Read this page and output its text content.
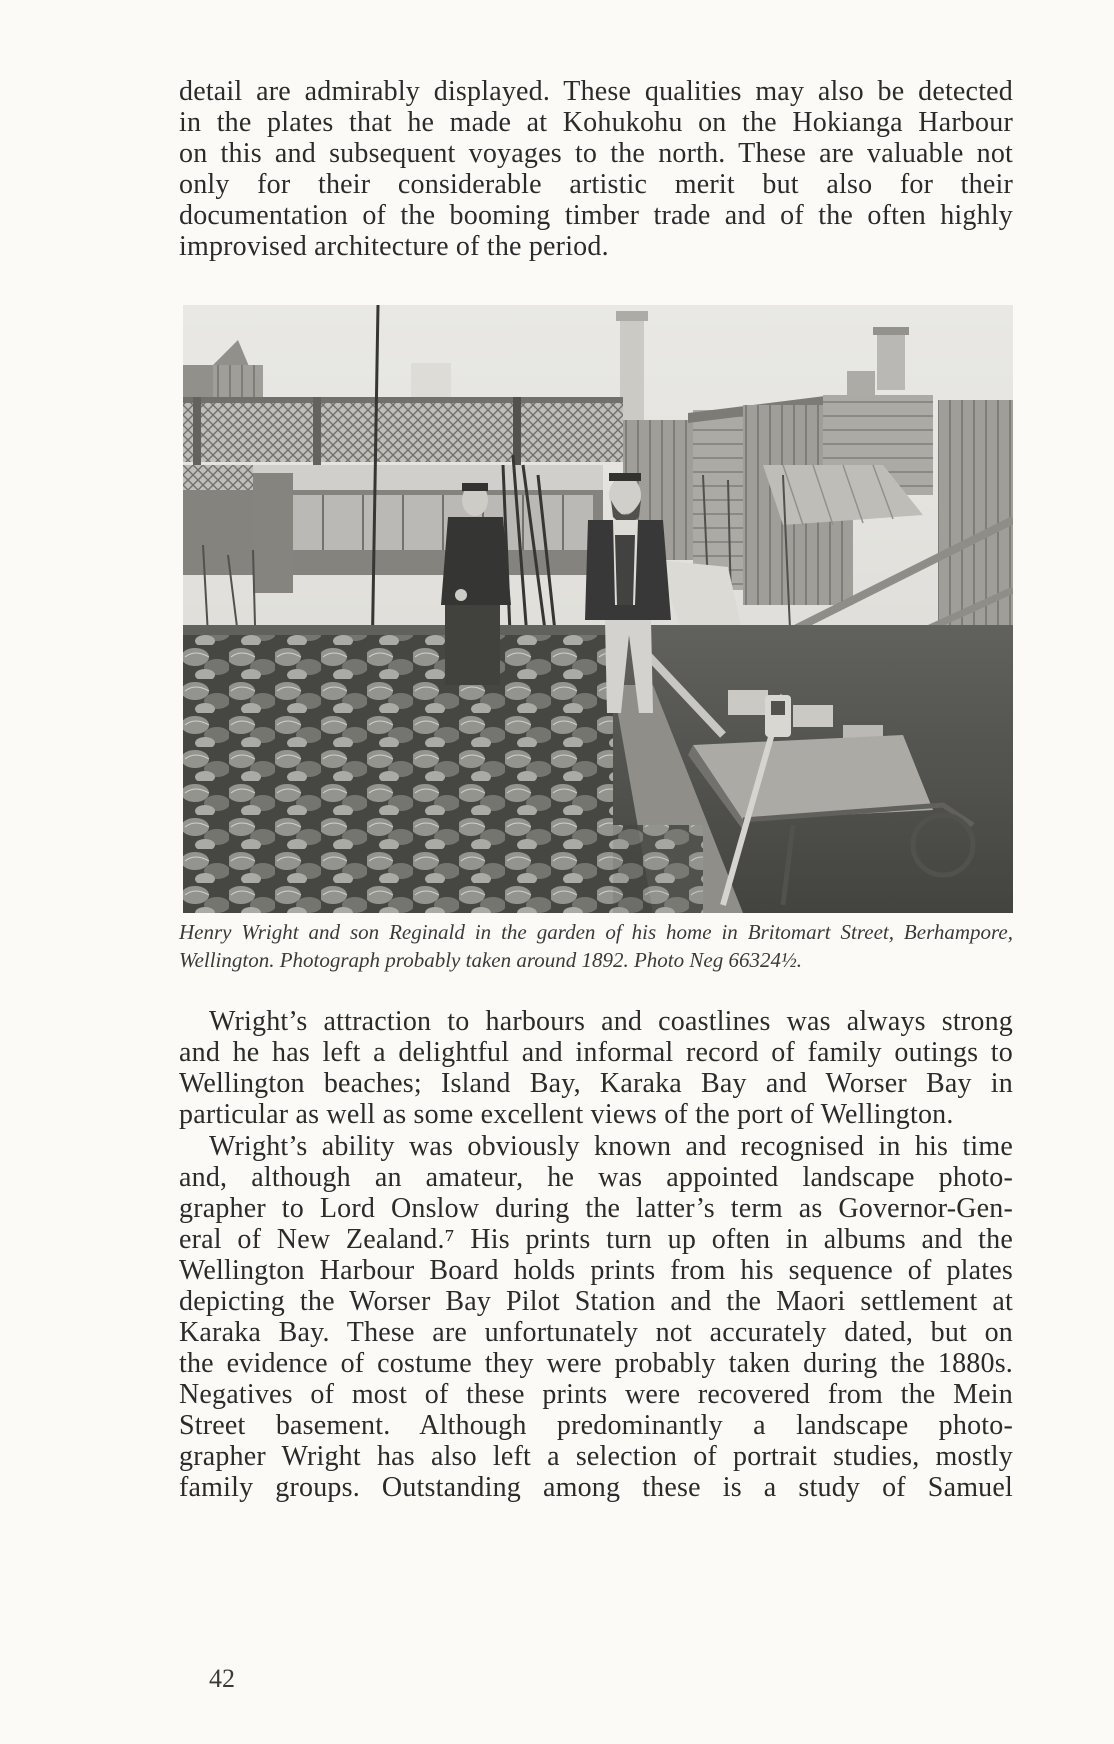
detail are admirably displayed. These qualities may also be detected
in the plates that he made at Kohukohu on the Hokianga Harbour
on this and subsequent voyages to the north. These are valuable not
only for their considerable artistic merit but also for their
documentation of the booming timber trade and of the often highly
improvised architecture of the period.
Henry Wright and son Reginald in the garden of his home in Britomart Street, Berhampore,
Wellington. Photograph probably taken around 1892. Photo Neg 66324½.
Wright’s attraction to harbours and coastlines was always strong
and he has left a delightful and informal record of family outings to
Wellington beaches; Island Bay, Karaka Bay and Worser Bay in
particular as well as some excellent views of the port of Wellington.
Wright’s ability was obviously known and recognised in his time
and, although an amateur, he was appointed landscape photo-
grapher to Lord Onslow during the latter’s term as Governor-Gen-
eral of New Zealand.⁷ His prints turn up often in albums and the
Wellington Harbour Board holds prints from his sequence of plates
depicting the Worser Bay Pilot Station and the Maori settlement at
Karaka Bay. These are unfortunately not accurately dated, but on
the evidence of costume they were probably taken during the 1880s.
Negatives of most of these prints were recovered from the Mein
Street basement. Although predominantly a landscape photo-
grapher Wright has also left a selection of portrait studies, mostly
family groups. Outstanding among these is a study of Samuel
42
